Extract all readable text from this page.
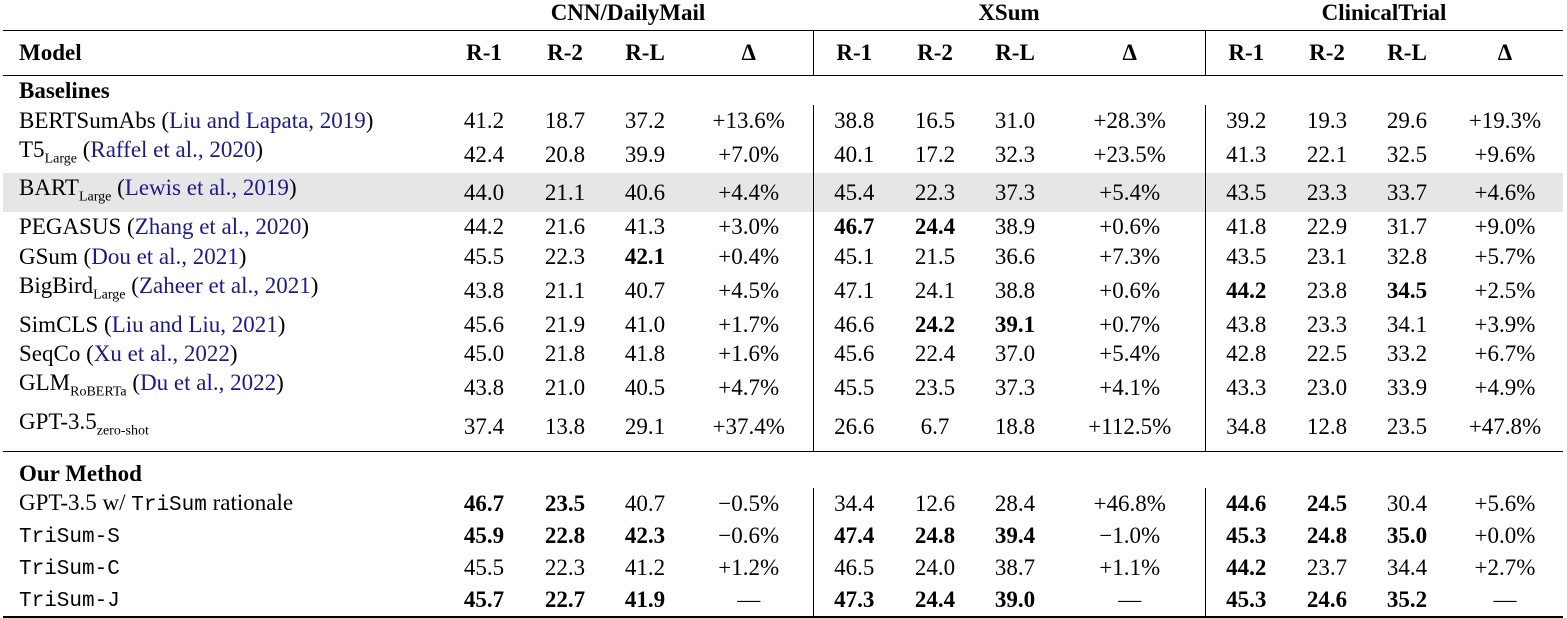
	CNN/DailyMail				XSum				ClinicalTrial			
Model	R-1	R-2	R-L	Δ	R-1	R-2	R-L	Δ	R-1	R-2	R-L	Δ
Baselines												
BERTSumAbs (Liu and Lapata, 2019)	41.2	18.7	37.2	+13.6%	38.8	16.5	31.0	+28.3%	39.2	19.3	29.6	+19.3%
$T5_{Large}$ (Raffel et al., 2020)	42.4	20.8	39.9	+7.0%	40.1	17.2	32.3	+23.5%	41.3	22.1	32.5	+9.6%
$BART_{Large}$ (Lewis et al., 2019)	44.0	21.1	40.6	+4.4%	45.4	22.3	37.3	+5.4%	43.5	23.3	33.7	+4.6%
PEGASUS (Zhang et al., 2020)	44.2	21.6	41.3	+3.0%	46.7	24.4	38.9	+0.6%	41.8	22.9	31.7	+9.0%
GSum (Dou et al., 2021)	45.5	22.3	42.1	+0.4%	45.1	21.5	36.6	+7.3%	43.5	23.1	32.8	+5.7%
BigBird$_{Large}$ (Zaheer et al., 2021)	43.8	21.1	40.7	+4.5%	47.1	24.1	38.8	+0.6%	44.2	23.8	34.5	+2.5%
SimCLS (Liu and Liu, 2021)	45.6	21.9	41.0	+1.7%	46.6	24.2	39.1	+0.7%	43.8	23.3	34.1	+3.9%
SeqCo (Xu et al., 2022)	45.0	21.8	41.8	+1.6%	45.6	22.4	37.0	+5.4%	42.8	22.5	33.2	+6.7%
$GLM_{RoBERTa}$ (Du et al., 2022)	43.8	21.0	40.5	+4.7%	45.5	23.5	37.3	+4.1%	43.3	23.0	33.9	+4.9%
GPT-$3.5_{zero-shot}$	37.4	13.8	29.1	+37.4%	26.6	6.7	18.8	+112.5%	34.8	12.8	23.5	+47.8%
Our Method												
GPT-3.5 w/ TriSum rationale	46.7	23.5	40.7	−0.5%	34.4	12.6	28.4	+46.8%	44.6	24.5	30.4	+5.6%
TriSum-S	45.9	22.8	42.3	−0.6%	47.4	24.8	39.4	−1.0%	45.3	24.8	35.0	+0.0%
TriSum-C	45.5	22.3	41.2	+1.2%	46.5	24.0	38.7	+1.1%	44.2	23.7	34.4	+2.7%
TriSum-J	45.7	22.7	41.9	—	47.3	24.4	39.0	—	45.3	24.6	35.2	—
